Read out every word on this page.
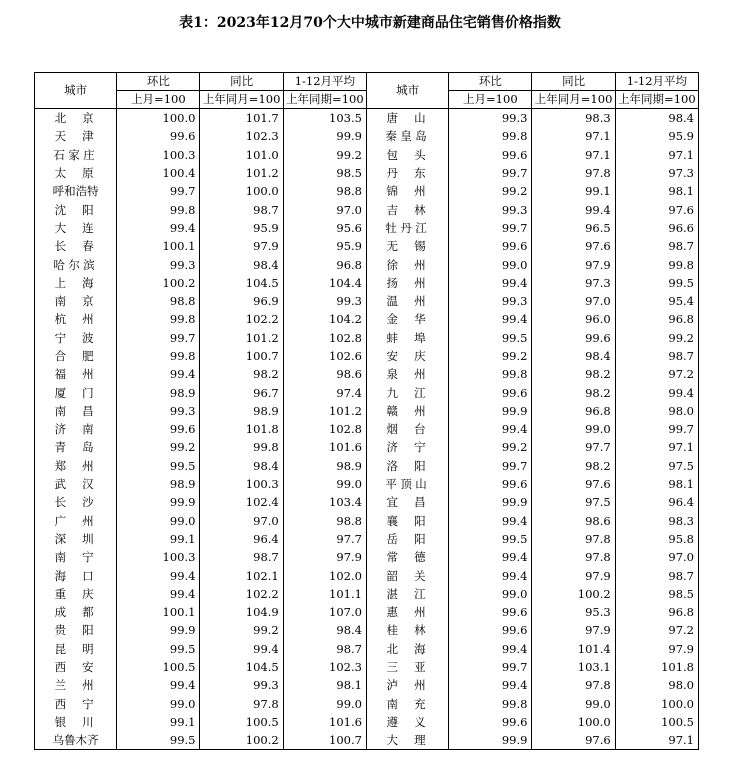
表1：2023年12月70个大中城市新建商品住宅销售价格指数
城市	环比	同比	1-12月平均	城市	环比	同比	1-12月平均
	上月=100	上年同月=100	上年同期=100		上月=100	上年同月=100	上年同期=100
北京	100.0	101.7	103.5	唐山	99.3	98.3	98.4
天津	99.6	102.3	99.9	秦皇岛	99.8	97.1	95.9
石家庄	100.3	101.0	99.2	包头	99.6	97.1	97.1
太原	100.4	101.2	98.5	丹东	99.7	97.8	97.3
呼和浩特	99.7	100.0	98.8	锦州	99.2	99.1	98.1
沈阳	99.8	98.7	97.0	吉林	99.3	99.4	97.6
大连	99.4	95.9	95.6	牡丹江	99.7	96.5	96.6
长春	100.1	97.9	95.9	无锡	99.6	97.6	98.7
哈尔滨	99.3	98.4	96.8	徐州	99.0	97.9	99.8
上海	100.2	104.5	104.4	扬州	99.4	97.3	99.5
南京	98.8	96.9	99.3	温州	99.3	97.0	95.4
杭州	99.8	102.2	104.2	金华	99.4	96.0	96.8
宁波	99.7	101.2	102.8	蚌埠	99.5	99.6	99.2
合肥	99.8	100.7	102.6	安庆	99.2	98.4	98.7
福州	99.4	98.2	98.6	泉州	99.8	98.2	97.2
厦门	98.9	96.7	97.4	九江	99.6	98.2	99.4
南昌	99.3	98.9	101.2	赣州	99.9	96.8	98.0
济南	99.6	101.8	102.8	烟台	99.4	99.0	99.7
青岛	99.2	99.8	101.6	济宁	99.2	97.7	97.1
郑州	99.5	98.4	98.9	洛阳	99.7	98.2	97.5
武汉	98.9	100.3	99.0	平顶山	99.6	97.6	98.1
长沙	99.9	102.4	103.4	宜昌	99.9	97.5	96.4
广州	99.0	97.0	98.8	襄阳	99.4	98.6	98.3
深圳	99.1	96.4	97.7	岳阳	99.5	97.8	95.8
南宁	100.3	98.7	97.9	常德	99.4	97.8	97.0
海口	99.4	102.1	102.0	韶关	99.4	97.9	98.7
重庆	99.4	102.2	101.1	湛江	99.0	100.2	98.5
成都	100.1	104.9	107.0	惠州	99.6	95.3	96.8
贵阳	99.9	99.2	98.4	桂林	99.6	97.9	97.2
昆明	99.5	99.4	98.7	北海	99.4	101.4	97.9
西安	100.5	104.5	102.3	三亚	99.7	103.1	101.8
兰州	99.4	99.3	98.1	泸州	99.4	97.8	98.0
西宁	99.0	97.8	99.0	南充	99.8	99.0	100.0
银川	99.1	100.5	101.6	遵义	99.6	100.0	100.5
乌鲁木齐	99.5	100.2	100.7	大理	99.9	97.6	97.1
